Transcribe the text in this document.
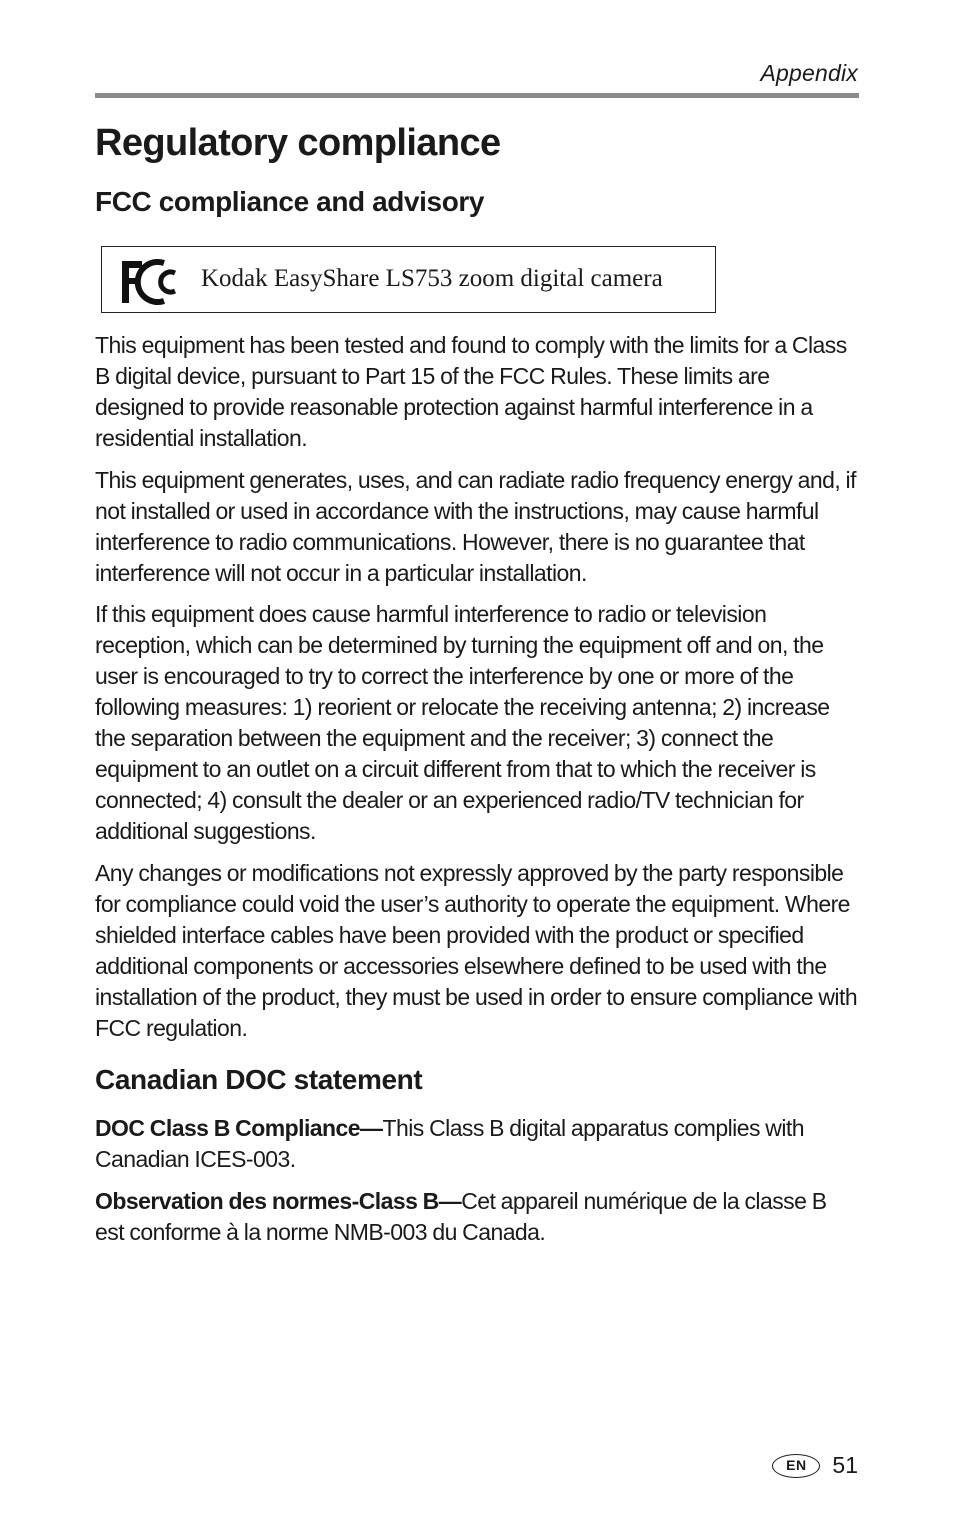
Appendix
Regulatory compliance
FCC compliance and advisory
Kodak EasyShare LS753 zoom digital camera

This equipment has been tested and found to comply with the limits for a Class B digital device, pursuant to Part 15 of the FCC Rules. These limits are designed to provide reasonable protection against harmful interference in a residential installation.

This equipment generates, uses, and can radiate radio frequency energy and, if not installed or used in accordance with the instructions, may cause harmful interference to radio communications. However, there is no guarantee that interference will not occur in a particular installation.

If this equipment does cause harmful interference to radio or television reception, which can be determined by turning the equipment off and on, the user is encouraged to try to correct the interference by one or more of the following measures: 1) reorient or relocate the receiving antenna; 2) increase the separation between the equipment and the receiver; 3) connect the equipment to an outlet on a circuit different from that to which the receiver is connected; 4) consult the dealer or an experienced radio/TV technician for additional suggestions.

Any changes or modifications not expressly approved by the party responsible for compliance could void the user’s authority to operate the equipment. Where shielded interface cables have been provided with the product or specified additional components or accessories elsewhere defined to be used with the installation of the product, they must be used in order to ensure compliance with FCC regulation.

Canadian DOC statement

DOC Class B Compliance—This Class B digital apparatus complies with Canadian ICES-003.

Observation des normes-Class B—Cet appareil numérique de la classe B est conforme à la norme NMB-003 du Canada.

EN	51
